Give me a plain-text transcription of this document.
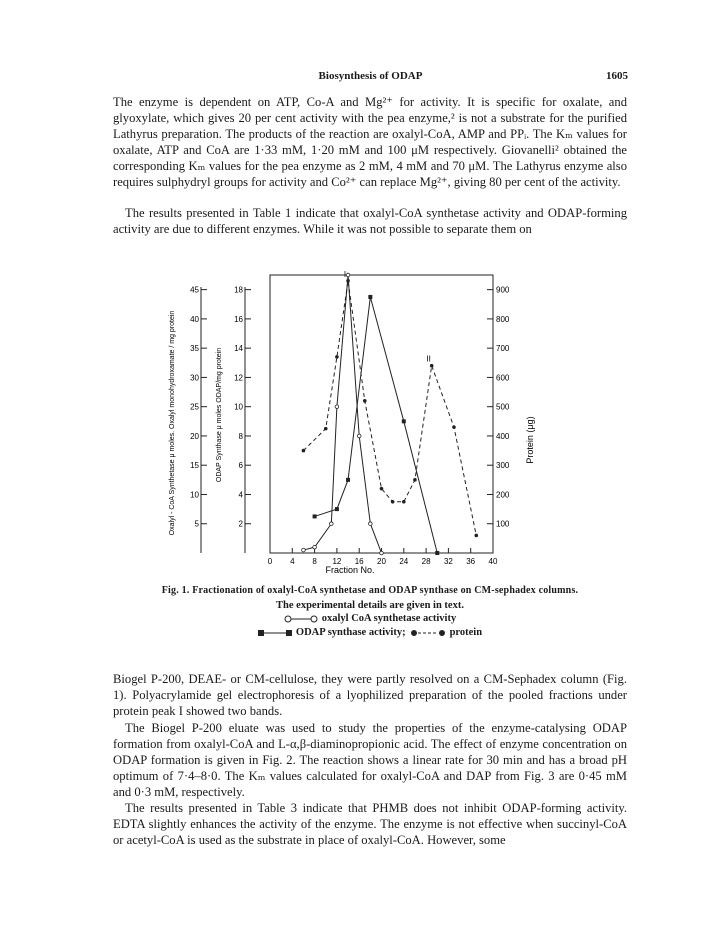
Biosynthesis of ODAP	1605

The enzyme is dependent on ATP, Co-A and Mg²⁺ for activity. It is specific for oxalate, and glyoxylate, which gives 20 per cent activity with the pea enzyme,² is not a substrate for the purified Lathyrus preparation. The products of the reaction are oxalyl-CoA, AMP and PPᵢ. The Kₘ values for oxalate, ATP and CoA are 1·33 mM, 1·20 mM and 100 μM respectively. Giovanelli² obtained the corresponding Kₘ values for the pea enzyme as 2 mM, 4 mM and 70 μM. The Lathyrus enzyme also requires sulphydryl groups for activity and Co²⁺ can replace Mg²⁺, giving 80 per cent of the activity.

The results presented in Table 1 indicate that oxalyl-CoA synthetase activity and ODAP-forming activity are due to different enzymes. While it was not possible to separate them on

0 4 8 12 16 20 24 28 32 36 40
5
10
15
20
25
30
35
40
45
2
4
6
8
10
12
14
16
18
100
200
300
400
500
600
700
800
900
I
II
Fraction No.
Oxalyl - CoA Synthetase μ moles. Oxalyl monohydroxamate / mg protein	ODAP Synthase μ moles ODAP/mg protein	Protein (μg)
Fig. 1. Fractionation of oxalyl-CoA synthetase and ODAP synthase on CM-sephadex columns.
The experimental details are given in text.
oxalyl CoA synthetase activity
ODAP synthase activity;	protein

Biogel P-200, DEAE- or CM-cellulose, they were partly resolved on a CM-Sephadex column (Fig. 1). Polyacrylamide gel electrophoresis of a lyophilized preparation of the pooled fractions under protein peak I showed two bands.

The Biogel P-200 eluate was used to study the properties of the enzyme-catalysing ODAP formation from oxalyl-CoA and L-α,β-diaminopropionic acid. The effect of enzyme concentration on ODAP formation is given in Fig. 2. The reaction shows a linear rate for 30 min and has a broad pH optimum of 7·4–8·0. The Kₘ values calculated for oxalyl-CoA and DAP from Fig. 3 are 0·45 mM and 0·3 mM, respectively.

The results presented in Table 3 indicate that PHMB does not inhibit ODAP-forming activity. EDTA slightly enhances the activity of the enzyme. The enzyme is not effective when succinyl-CoA or acetyl-CoA is used as the substrate in place of oxalyl-CoA. However, some
